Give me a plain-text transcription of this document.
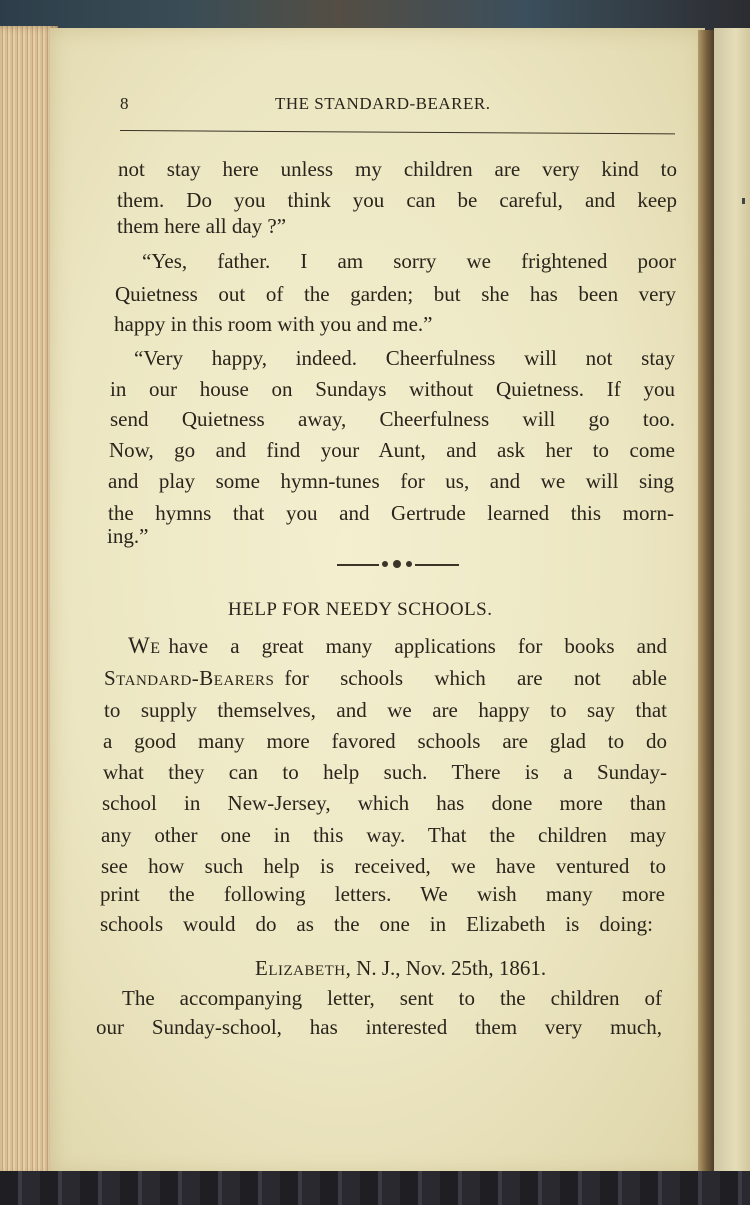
8	THE STANDARD-BEARER.
not stay here unless my children are very kind to
them. Do you think you can be careful, and keep
them here all day ?”
“Yes, father. I am sorry we frightened poor
Quietness out of the garden; but she has been very
happy in this room with you and me.”
“Very happy, indeed. Cheerfulness will not stay
in our house on Sundays without Quietness. If you
send Quietness away, Cheerfulness will go too.
Now, go and find your Aunt, and ask her to come
and play some hymn-tunes for us, and we will sing
the hymns that you and Gertrude learned this morn-
ing.”
HELP FOR NEEDY SCHOOLS.
We have a great many applications for books and
Standard-Bearers for schools which are not able
to supply themselves, and we are happy to say that
a good many more favored schools are glad to do
what they can to help such. There is a Sunday-
school in New-Jersey, which has done more than
any other one in this way. That the children may
see how such help is received, we have ventured to
print the following letters. We wish many more
schools would do as the one in Elizabeth is doing:
Elizabeth, N. J., Nov. 25th, 1861.
The accompanying letter, sent to the children of
our Sunday-school, has interested them very much,
